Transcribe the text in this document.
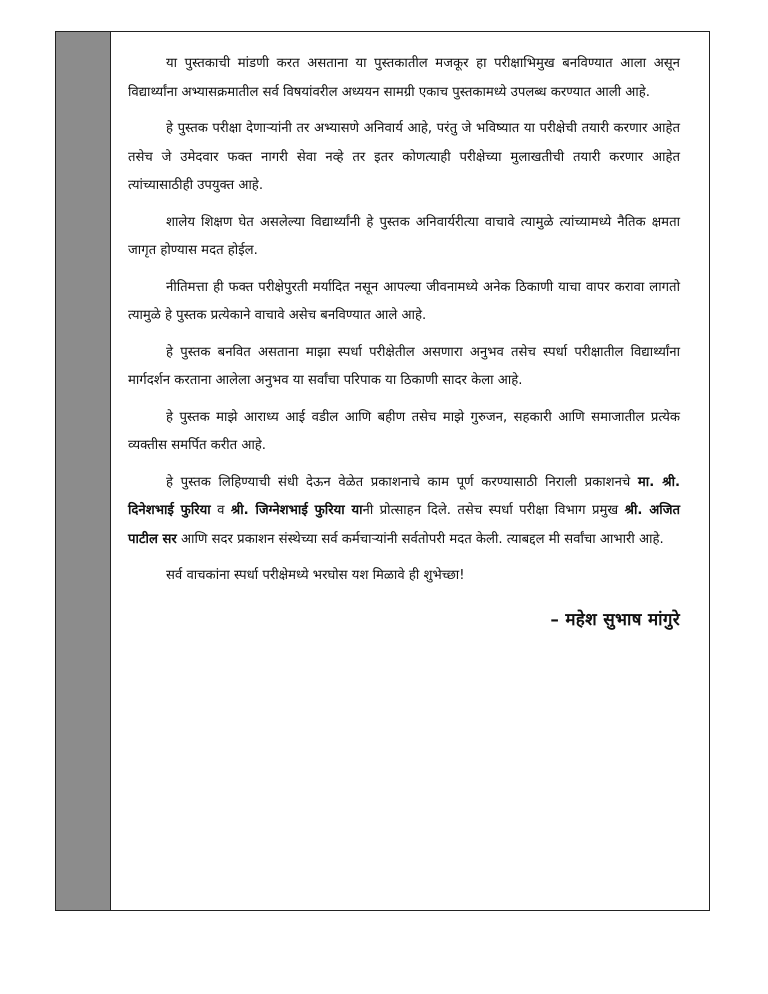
या पुस्तकाची मांडणी करत असताना या पुस्तकातील मजकूर हा परीक्षाभिमुख बनविण्यात आला असून विद्यार्थ्यांना अभ्यासक्रमातील सर्व विषयांवरील अध्ययन सामग्री एकाच पुस्तकामध्ये उपलब्ध करण्यात आली आहे.

हे पुस्तक परीक्षा देणाऱ्यांनी तर अभ्यासणे अनिवार्य आहे, परंतु जे भविष्यात या परीक्षेची तयारी करणार आहेत तसेच जे उमेदवार फक्त नागरी सेवा नव्हे तर इतर कोणत्याही परीक्षेच्या मुलाखतीची तयारी करणार आहेत त्यांच्यासाठीही उपयुक्त आहे.

शालेय शिक्षण घेत असलेल्या विद्यार्थ्यांनी हे पुस्तक अनिवार्यरीत्या वाचावे त्यामुळे त्यांच्यामध्ये नैतिक क्षमता जागृत होण्यास मदत होईल.

नीतिमत्ता ही फक्त परीक्षेपुरती मर्यादित नसून आपल्या जीवनामध्ये अनेक ठिकाणी याचा वापर करावा लागतो त्यामुळे हे पुस्तक प्रत्येकाने वाचावे असेच बनविण्यात आले आहे.

हे पुस्तक बनवित असताना माझा स्पर्धा परीक्षेतील असणारा अनुभव तसेच स्पर्धा परीक्षातील विद्यार्थ्यांना मार्गदर्शन करताना आलेला अनुभव या सर्वांचा परिपाक या ठिकाणी सादर केला आहे.

हे पुस्तक माझे आराध्य आई वडील आणि बहीण तसेच माझे गुरुजन, सहकारी आणि समाजातील प्रत्येक व्यक्तीस समर्पित करीत आहे.

हे पुस्तक लिहिण्याची संधी देऊन वेळेत प्रकाशनाचे काम पूर्ण करण्यासाठी निराली प्रकाशनचे मा. श्री. दिनेशभाई फुरिया व श्री. जिग्नेशभाई फुरिया यानी प्रोत्साहन दिले. तसेच स्पर्धा परीक्षा विभाग प्रमुख श्री. अजित पाटील सर आणि सदर प्रकाशन संस्थेच्या सर्व कर्मचाऱ्यांनी सर्वतोपरी मदत केली. त्याबद्दल मी सर्वांचा आभारी आहे.

सर्व वाचकांना स्पर्धा परीक्षेमध्ये भरघोस यश मिळावे ही शुभेच्छा!

– महेश सुभाष मांगुरे
